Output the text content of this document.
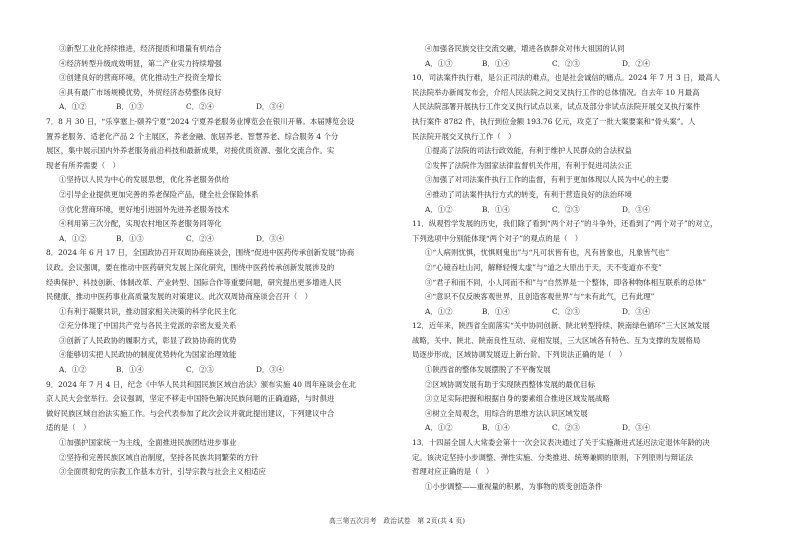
③新型工业化持续推进，经济提质和增量有机结合
④经济转型升级成效明显，第二产业实力持续增强
③创建良好的营商环境，优化推动生产投资全增长
④具有最广市场规模优势，外贸经济态势整体良好
A．①②	B．①③	C．②④	D．③④
7．8 月 30 日，“乐享塞上·颐养宁夏”2024 宁夏养老服务业博览会在银川开幕。本届博览会设
置养老服务、适老化产品 2 个主展区，养老金融、旅居养老、智慧养老、综合服务 4 个分
展区，集中展示国内外养老服务前沿科技和最新成果，对接优质资源、强化交流合作。实
现老有所养需要（　）
①坚持以人民为中心的发展思想，优化养老服务供给
②引导企业提供更加完善的养老保险产品，健全社会保险体系
③优化营商环境，更好地引进国外先进养老服务技术
④利用第三次分配，实现农村地区养老服务同等化
A．①②	B．①③	C．②④	D．③④
8．2024 年 6 月 17 日，全国政协召开双周协商座谈会，围绕“促进中医药传承创新发展”协商
议政。会议强调，要在推动中医药研究发展上深化研究，围绕中医药传承创新发展涉及的
经典保护、科技创新、体制改革、产业转型、国际合作等重要问题，研究提出更多增进人民
民健康、推动中医药事业高质量发展的对策建议。此次双周协商座谈会召开（　）
①有利于凝聚共识，推动国家相关决策的科学化民主化
②充分体现了中国共产党与各民主党派的亲密友爱关系
③创新了人民政协的履职方式，彰显了政协协商的优势
④能够切实把人民政协的制度优势转化为国家治理效能
A．①②	B．①④	C．②③	D．③④
9．2024 年 7 月 4 日，纪念《中华人民共和国民族区域自治法》颁布实施 40 周年座谈会在北
京人民大会堂举行。会议强调，坚定不移走中国特色解决民族问题的正确道路，与时俱进
做好民族区域自治法实施工作。与会代表参加了此次会议并就此提出建议，下列建议中合
适的是（　）
①加强护国家统一为主线，全面推进民族团结进步事业
②坚持和完善民族区域自治制度，坚持各民族共同繁荣的方针
③全面贯彻党的宗教工作基本方针，引导宗教与社会主义相适应
④加强各民族交往交流交融，增进各族群众对伟大祖国的认同
A．①③	B．①④	C．②③	D．②④
10．司法案件执行难，是公正司法的难点，也是社会诚信的痛点。2024 年 7 月 3 日，最高人
民法院举办新闻发布会，介绍人民法院之间交叉执行工作的总体情况。自去年 10 月最高
人民法院部署开展执行工作交叉执行试点以来，试点及部分非试点法院开展交叉执行案件
执行案件 8782 件，执行到位金额 193.76 亿元，攻克了一批大案要案和“骨头案”。人
民法院开展交叉执行工作（　）
①提高了法院的司法行政效能，有利于维护人民群众的合法权益
②发挥了法院作为国家法律监督机关作用，有利于促进司法公正
③加强了对司法案件执行工作的监督，有利于更加体现以人民为中心的主要
④推动了司法案件执行方式的转变，有利于营造良好的法治环境
A．①②	B．①④	C．②③	D．③④
11．纵观哲学发展的历史，我们除了看到“两个对子”的斗争外，还看到了“两个对子”的对立，
下列选项中分别能体现“两个对子”的观点的是（　）
①“人病则忧惧，忧惧则鬼出”与“凡可状皆有也，凡有皆象也，凡象皆气也”
②“心镜吞吐山河，解释轻慢太虚”与“道之大原出于天，天不变道亦不变”
③“君子和而不同，小人同而不和”与“自然界是一个整体，即各种物体相互联系的总体”
④“意识不仅反映客观世界，且创造客观世界”与“未有此气，已有此理”
A．①②	B．①④	C．②③	D．③④
12．近年来，陕西省全面落实“关中协同创新、陕北转型持续、陕南绿色循环”三大区域发展
战略，关中、陕北、陕南良性互动、竞相发展，三大区域各有特色、互为支撑的发展格局
局逐步形成，区域协调发展迈上新台阶。下列说法正确的是（　）
①陕西省的整体发展摆脱了不平衡发展
②区域协调发展有助于实现陕西整体发展的最优目标
③立足实际把握和根据自身的要素组合推进区域发展战略
④树立全局观念，用综合的思维方法认识区域发展
A．①②	B．①④	C．②③	D．③④
13．十四届全国人大常委会第十一次会议表决通过了关于实施渐进式延迟法定退休年龄的决
定。该决定坚持小步调整、弹性实施、分类推进、统筹兼顾的原则，下列原则与辩证法
哲理对应正确的是（　）
①小步调整——重视量的积累，为事物的质变创造条件
高三第五次月考　政治试卷　第 2页(共 4 页)
